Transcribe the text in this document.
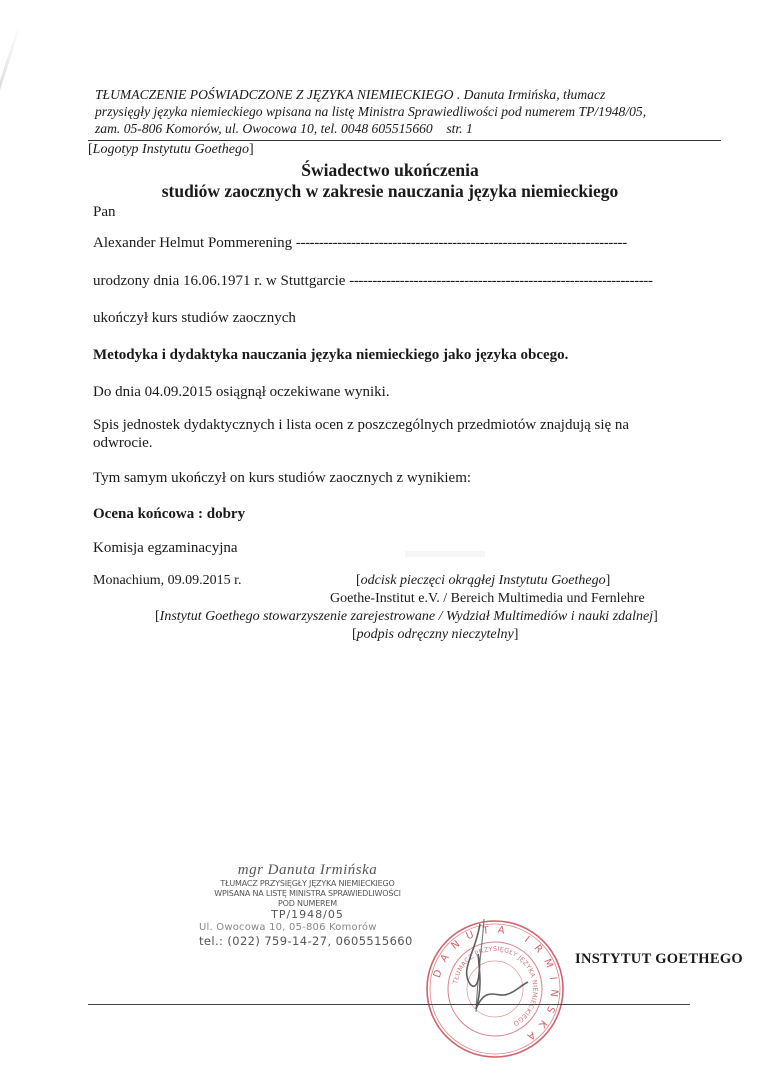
TŁUMACZENIE POŚWIADCZONE Z JĘZYKA NIEMIECKIEGO . Danuta Irmińska, tłumacz
przysięgły języka niemieckiego wpisana na listę Ministra Sprawiedliwości pod numerem TP/1948/05,
zam. 05-806 Komorów, ul. Owocowa 10, tel. 0048 605515660 str. 1
[Logotyp Instytutu Goethego]
Świadectwo ukończenia
studiów zaocznych w zakresie nauczania języka niemieckiego
Pan
Alexander Helmut Pommerening ------------------------------------------------------------------------
urodzony dnia 16.06.1971 r. w Stuttgarcie ------------------------------------------------------------------
ukończył kurs studiów zaocznych
Metodyka i dydaktyka nauczania języka niemieckiego jako języka obcego.
Do dnia 04.09.2015 osiągnął oczekiwane wyniki.
Spis jednostek dydaktycznych i lista ocen z poszczególnych przedmiotów znajdują się na
odwrocie.
Tym samym ukończył on kurs studiów zaocznych z wynikiem:
Ocena końcowa : dobry
Komisja egzaminacyjna
Monachium, 09.09.2015 r.	[odcisk pieczęci okrągłej Instytutu Goethego]
Goethe-Institut e.V. / Bereich Multimedia und Fernlehre
[Instytut Goethego stowarzyszenie zarejestrowane / Wydział Multimediów i nauki zdalnej]
[podpis odręczny nieczytelny]
mgr Danuta Irmińska
TŁUMACZ PRZYSIĘGŁY JĘZYKA NIEMIECKIEGO
WPISANA NA LISTĘ MINISTRA SPRAWIEDLIWOŚCI
POD NUMEREM
TP/1948/05
Ul. Owocowa 10, 05-806 Komorów
tel.: (022) 759-14-27, 0605515660
DANUTA IRMIŃSKA
TŁUMACZ PRZYSIĘGŁY JĘZYKA NIEMIECKIEGO
INSTYTUT GOETHEGO
